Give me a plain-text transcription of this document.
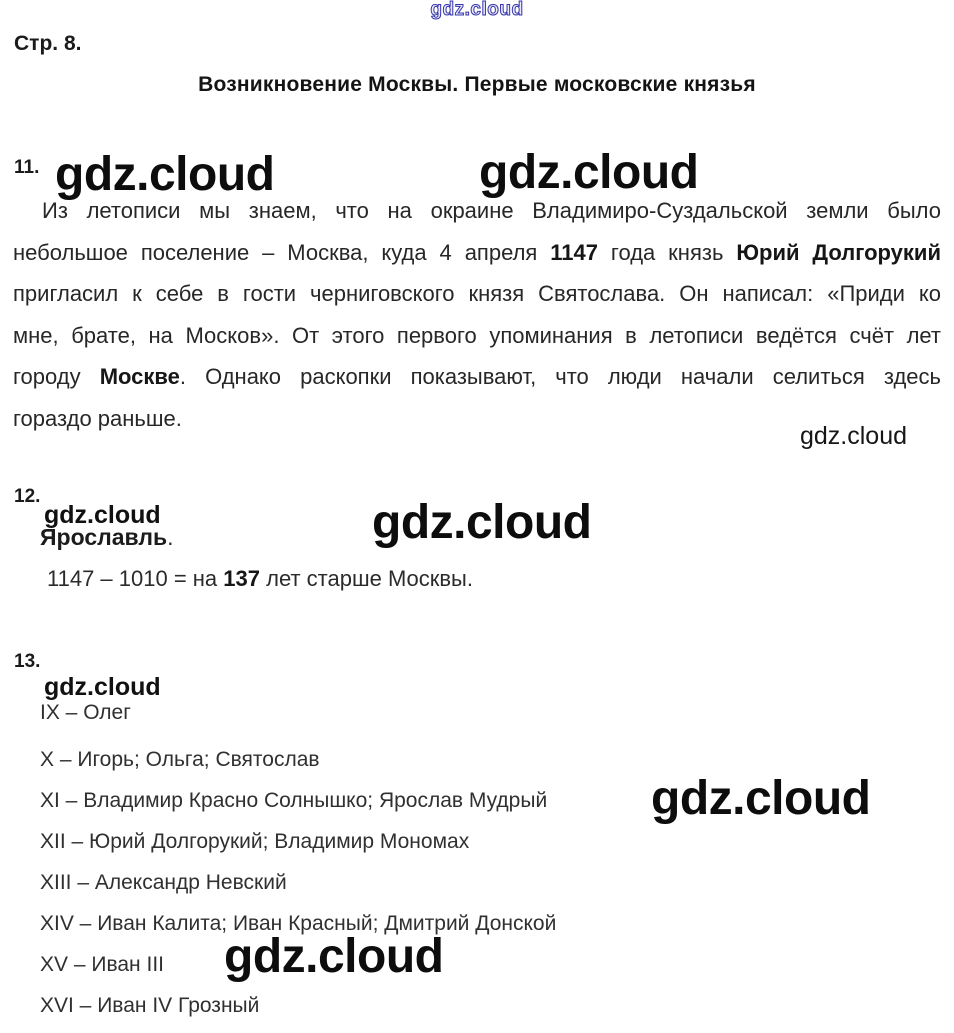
gdz.cloud
Стр. 8.
Возникновение Москвы. Первые московские князья
11. gdz.cloud	gdz.cloud
Из летописи мы знаем, что на окраине Владимиро-Суздальской земли было
небольшое поселение – Москва, куда 4 апреля 1147 года князь Юрий Долгорукий
пригласил к себе в гости черниговского князя Святослава. Он написал: «Приди ко
мне, брате, на Москов». От этого первого упоминания в летописи ведётся счёт лет
городу Москве. Однако раскопки показывают, что люди начали селиться здесь
гораздо раньше.
gdz.cloud
12.
gdz.cloud	gdz.cloud
Ярославль.
1147 – 1010 = на 137 лет старше Москвы.
13.
gdz.cloud
IX – Олег
X – Игорь; Ольга; Святослав
XI – Владимир Красно Солнышко; Ярослав Мудрый
XII – Юрий Долгорукий; Владимир Мономах
XIII – Александр Невский
XIV – Иван Калита; Иван Красный; Дмитрий Донской
XV – Иван III
XVI – Иван IV Грозный
gdz.cloud
gdz.cloud
